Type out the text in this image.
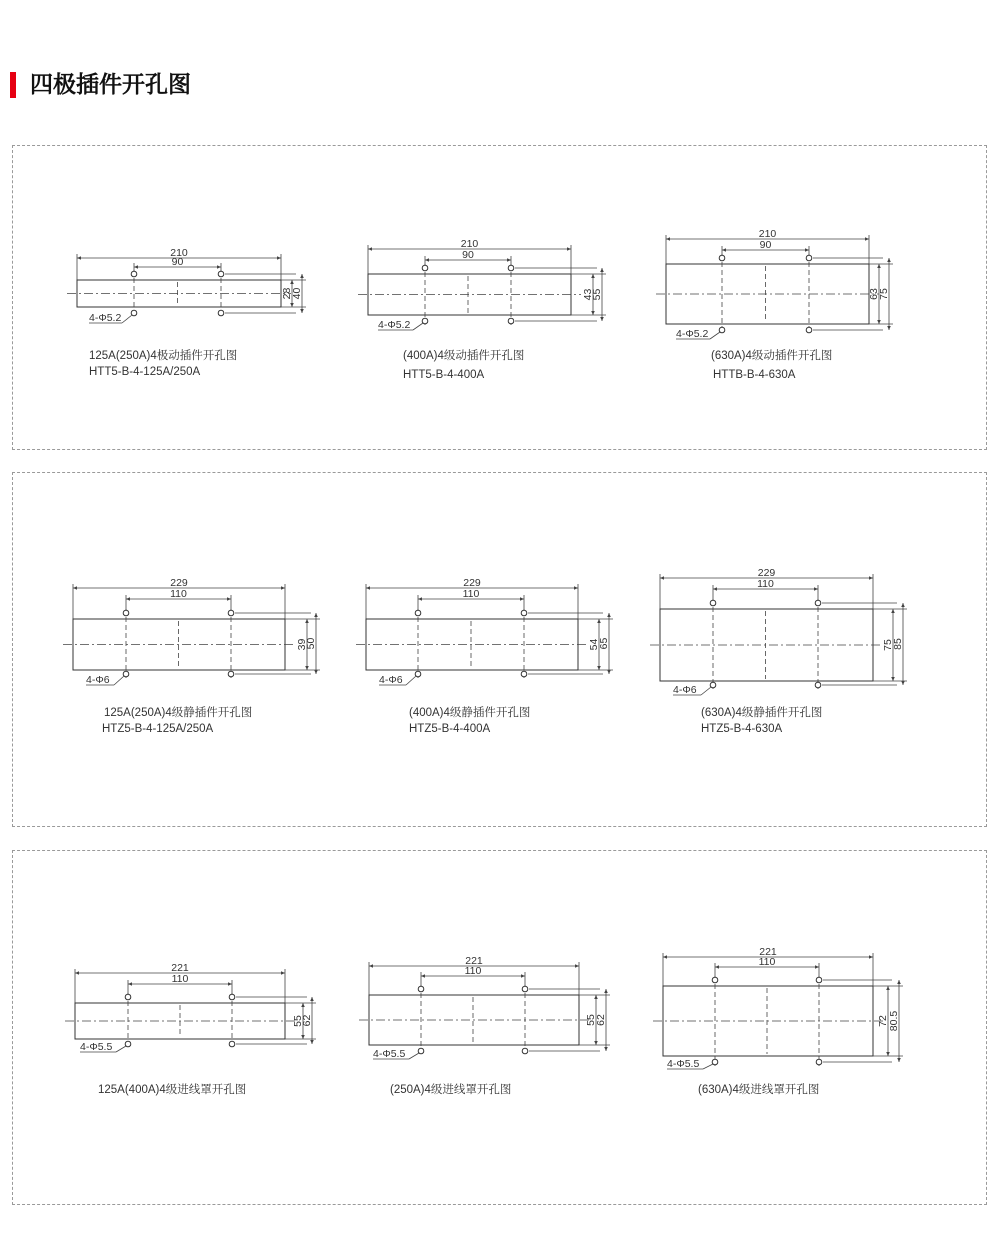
四极插件开孔图
210
90
28
40
4-Φ5.2
210
90
43
55
4-Φ5.2
210
90
63
75
4-Φ5.2
125A(250A)4极动插件开孔图
HTT5-B-4-125A/250A
(400A)4级动插件开孔图
HTT5-B-4-400A
(630A)4级动插件开孔图
HTTB-B-4-630A
229
110
39
50
4-Φ6
229
110
54
65
4-Φ6
229
110
75
85
4-Φ6
125A(250A)4级静插件开孔图
HTZ5-B-4-125A/250A
(400A)4级静插件开孔图
HTZ5-B-4-400A
(630A)4级静插件开孔图
HTZ5-B-4-630A
221
110
55
62
4-Φ5.5
221
110
55
62
4-Φ5.5
221
110
72 80.5
4-Φ5.5
125A(400A)4级进线罩开孔图	(250A)4级进线罩开孔图	(630A)4级进线罩开孔图
